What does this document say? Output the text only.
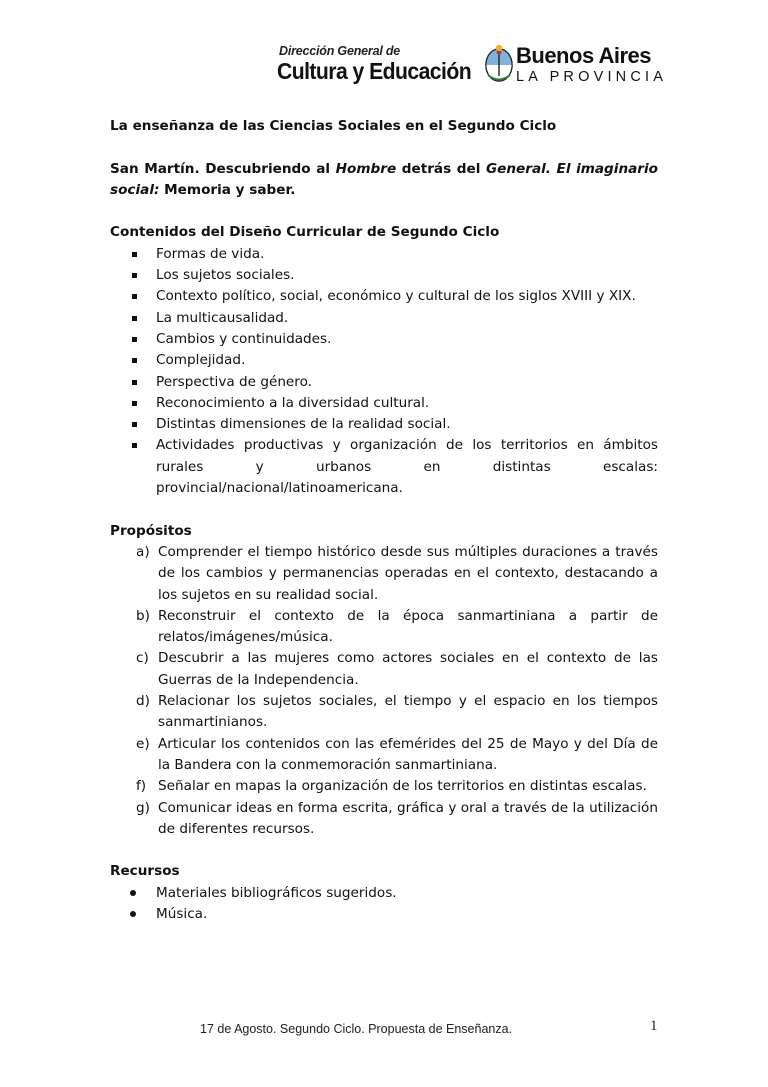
Dirección General de
Cultura y Educación
Buenos Aires
LA PROVINCIA

La enseñanza de las Ciencias Sociales en el Segundo Ciclo

San Martín. Descubriendo al Hombre detrás del General. El imaginario social: Memoria y saber.

Contenidos del Diseño Curricular de Segundo Ciclo

Formas de vida.
Los sujetos sociales.
Contexto político, social, económico y cultural de los siglos XVIII y XIX.
La multicausalidad.
Cambios y continuidades.
Complejidad.
Perspectiva de género.
Reconocimiento a la diversidad cultural.
Distintas dimensiones de la realidad social.
Actividades productivas y organización de los territorios en ámbitos rurales y urbanos en distintas escalas: provincial/nacional/latinoamericana.

Propósitos

a) Comprender el tiempo histórico desde sus múltiples duraciones a través de los cambios y permanencias operadas en el contexto, destacando a los sujetos en su realidad social.
b) Reconstruir el contexto de la época sanmartiniana a partir de relatos/imágenes/música.
c) Descubrir a las mujeres como actores sociales en el contexto de las Guerras de la Independencia.
d) Relacionar los sujetos sociales, el tiempo y el espacio en los tiempos sanmartinianos.
e) Articular los contenidos con las efemérides del 25 de Mayo y del Día de la Bandera con la conmemoración sanmartiniana.
f) Señalar en mapas la organización de los territorios en distintas escalas.
g) Comunicar ideas en forma escrita, gráfica y oral a través de la utilización de diferentes recursos.

Recursos

Materiales bibliográficos sugeridos.
Música.
17 de Agosto. Segundo Ciclo. Propuesta de Enseñanza.	1
